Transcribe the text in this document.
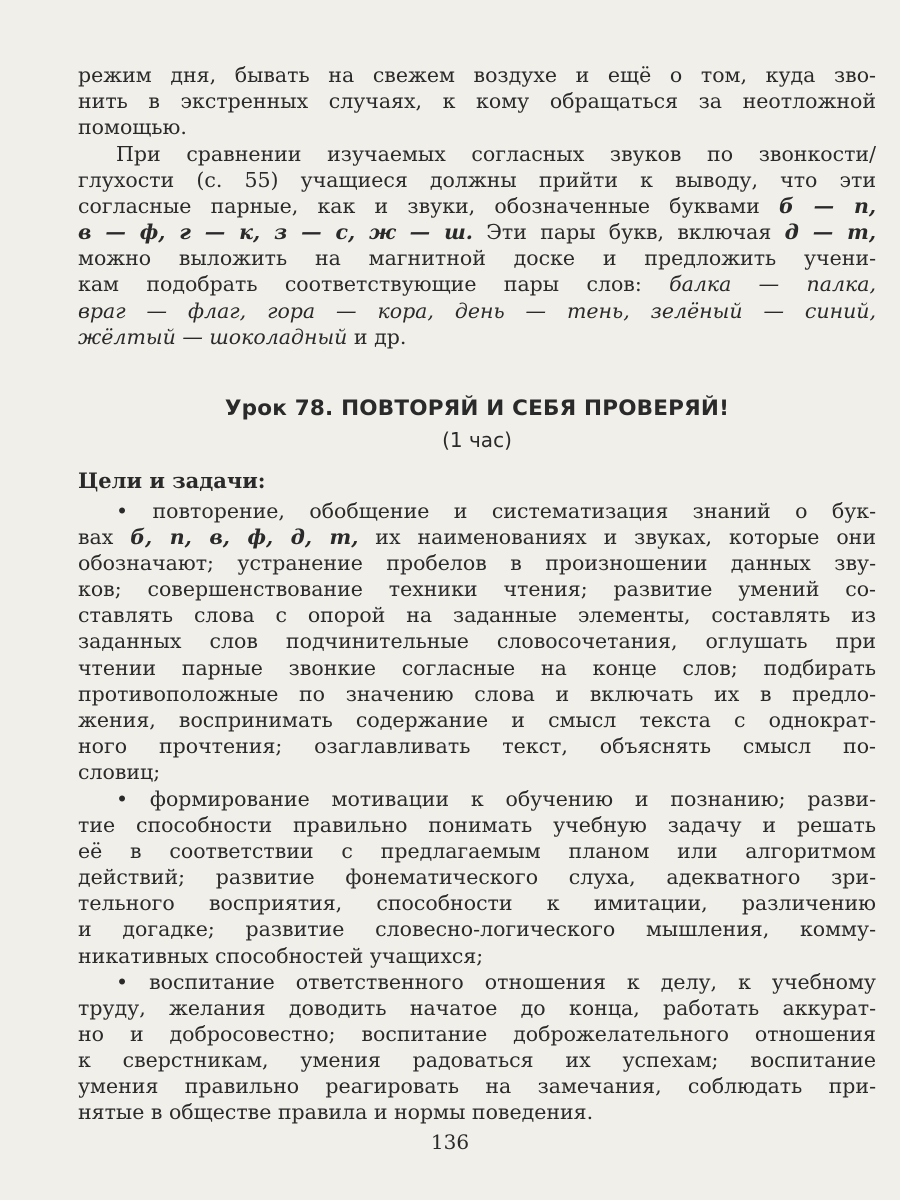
режим дня, бывать на свежем воздухе и ещё о том, куда зво-
нить в экстренных случаях, к кому обращаться за неотложной
помощью.
При сравнении изучаемых согласных звуков по звонкости/
глухости (с. 55) учащиеся должны прийти к выводу, что эти
согласные парные, как и звуки, обозначенные буквами б — п,
в — ф, г — к, з — с, ж — ш. Эти пары букв, включая д — т,
можно выложить на магнитной доске и предложить учени-
кам подобрать соответствующие пары слов: балка — палка,
враг — флаг, гора — кора, день — тень, зелёный — синий,
жёлтый — шоколадный и др.
Урок 78. ПОВТОРЯЙ И СЕБЯ ПРОВЕРЯЙ!
(1 час)
Цели и задачи:
• повторение, обобщение и систематизация знаний о бук-
вах б, п, в, ф, д, т, их наименованиях и звуках, которые они
обозначают; устранение пробелов в произношении данных зву-
ков; совершенствование техники чтения; развитие умений со-
ставлять слова с опорой на заданные элементы, составлять из
заданных слов подчинительные словосочетания, оглушать при
чтении парные звонкие согласные на конце слов; подбирать
противоположные по значению слова и включать их в предло-
жения, воспринимать содержание и смысл текста с однократ-
ного прочтения; озаглавливать текст, объяснять смысл по-
словиц;
• формирование мотивации к обучению и познанию; разви-
тие способности правильно понимать учебную задачу и решать
её в соответствии с предлагаемым планом или алгоритмом
действий; развитие фонематического слуха, адекватного зри-
тельного восприятия, способности к имитации, различению
и догадке; развитие словесно-логического мышления, комму-
никативных способностей учащихся;
• воспитание ответственного отношения к делу, к учебному
труду, желания доводить начатое до конца, работать аккурат-
но и добросовестно; воспитание доброжелательного отношения
к сверстникам, умения радоваться их успехам; воспитание
умения правильно реагировать на замечания, соблюдать при-
нятые в обществе правила и нормы поведения.
136
